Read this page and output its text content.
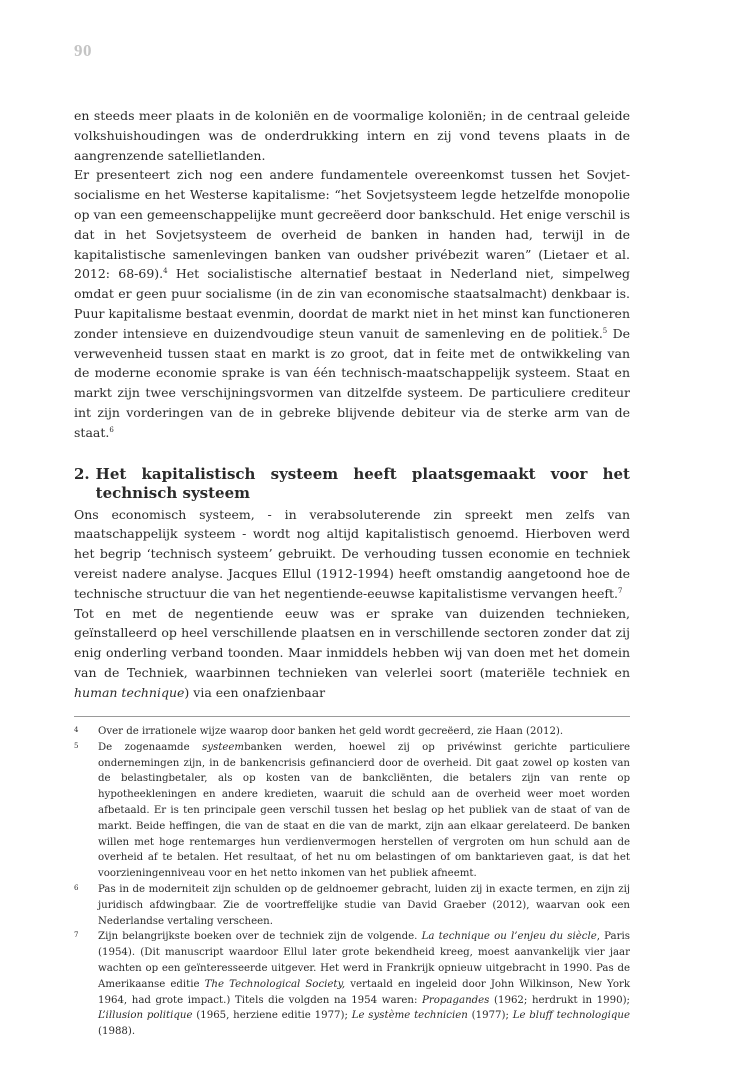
90

en steeds meer plaats in de koloniën en de voormalige koloniën; in de centraal geleide volkshuishoudingen was de onderdrukking intern en zij vond tevens plaats in de aangrenzende satellietlanden.

Er presenteert zich nog een andere fundamentele overeenkomst tussen het Sovjet-socialisme en het Westerse kapitalisme: “het Sovjetsysteem legde hetzelfde monopolie op van een gemeenschappelijke munt gecreëerd door bankschuld. Het enige verschil is dat in het Sovjetsysteem de overheid de banken in handen had, terwijl in de kapitalistische samenlevingen banken van oudsher privébezit waren” (Lietaer et al. 2012: 68-69).$^4$ Het socialistische alternatief bestaat in Nederland niet, simpelweg omdat er geen puur socialisme (in de zin van economische staatsalmacht) denkbaar is. Puur kapitalisme bestaat evenmin, doordat de markt niet in het minst kan functioneren zonder intensieve en duizendvoudige steun vanuit de samenleving en de politiek.$^5$ De verwevenheid tussen staat en markt is zo groot, dat in feite met de ontwikkeling van de moderne economie sprake is van één technisch-maatschappelijk systeem. Staat en markt zijn twee verschijningsvormen van ditzelfde systeem. De particuliere crediteur int zijn vorderingen van de in gebreke blijvende debiteur via de sterke arm van de staat.$^6$

2. Het kapitalistisch systeem heeft plaatsgemaakt voor het technisch systeem

Ons economisch systeem, - in verabsoluterende zin spreekt men zelfs van maatschappelijk systeem - wordt nog altijd kapitalistisch genoemd. Hierboven werd het begrip ‘technisch systeem’ gebruikt. De verhouding tussen economie en techniek vereist nadere analyse. Jacques Ellul (1912-1994) heeft omstandig aangetoond hoe de technische structuur die van het negentiende-eeuwse kapitalistisme vervangen heeft.$^7$

Tot en met de negentiende eeuw was er sprake van duizenden technieken, geïnstalleerd op heel verschillende plaatsen en in verschillende sectoren zonder dat zij enig onderling verband toonden. Maar inmiddels hebben wij van doen met het domein van de Techniek, waarbinnen technieken van velerlei soort (materiële techniek en human technique) via een onafzienbaar

4	Over de irrationele wijze waarop door banken het geld wordt gecreëerd, zie Haan (2012).
5	De zogenaamde systeembanken werden, hoewel zij op privéwinst gerichte particuliere ondernemingen zijn, in de bankencrisis gefinancierd door de overheid. Dit gaat zowel op kosten van de belastingbetaler, als op kosten van de bankcliënten, die betalers zijn van rente op hypotheekleningen en andere kredieten, waaruit die schuld aan de overheid weer moet worden afbetaald. Er is ten principale geen verschil tussen het beslag op het publiek van de staat of van de markt. Beide heffingen, die van de staat en die van de markt, zijn aan elkaar gerelateerd. De banken willen met hoge rentemarges hun verdienvermogen herstellen of vergroten om hun schuld aan de overheid af te betalen. Het resultaat, of het nu om belastingen of om banktarieven gaat, is dat het voorzieningenniveau voor en het netto inkomen van het publiek afneemt.
6	Pas in de moderniteit zijn schulden op de geldnoemer gebracht, luiden zij in exacte termen, en zijn zij juridisch afdwingbaar. Zie de voortreffelijke studie van David Graeber (2012), waarvan ook een Nederlandse vertaling verscheen.
7	Zijn belangrijkste boeken over de techniek zijn de volgende. La technique ou l’enjeu du siècle, Paris (1954). (Dit manuscript waardoor Ellul later grote bekendheid kreeg, moest aanvankelijk vier jaar wachten op een geïnteresseerde uitgever. Het werd in Frankrijk opnieuw uitgebracht in 1990. Pas de Amerikaanse editie The Technological Society, vertaald en ingeleid door John Wilkinson, New York 1964, had grote impact.) Titels die volgden na 1954 waren: Propagandes (1962; herdrukt in 1990); L’illusion politique (1965, herziene editie 1977); Le système technicien (1977); Le bluff technologique (1988).
